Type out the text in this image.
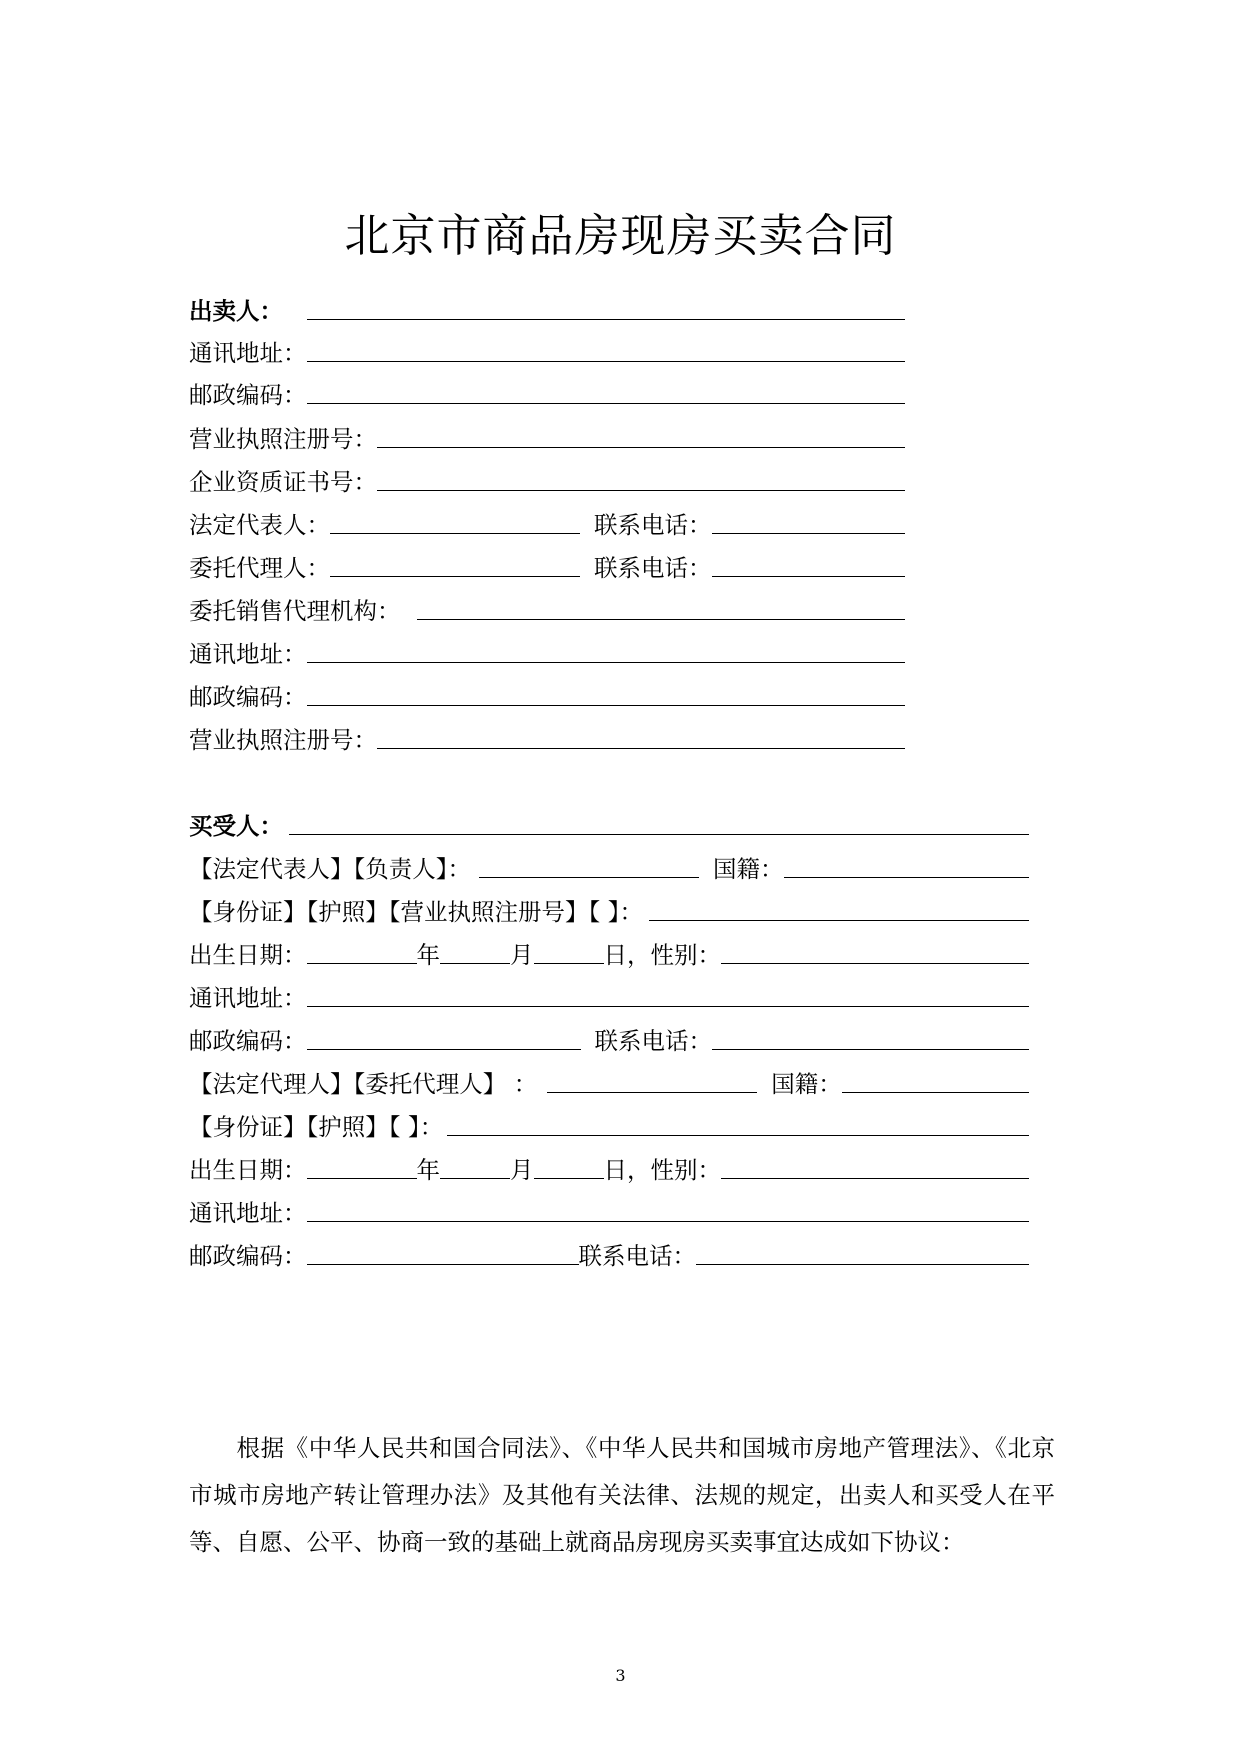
北京市商品房现房买卖合同
出卖人：
通讯地址：
邮政编码：
营业执照注册号：
企业资质证书号：
法定代表人：	联系电话：
委托代理人：	联系电话：
委托销售代理机构：
通讯地址：
邮政编码：
营业执照注册号：
买受人：
【法定代表人】【负责人】：	国籍：
【身份证】【护照】【营业执照注册号】【 】：
出生日期：	年	月	日，性别：
通讯地址：
邮政编码：	联系电话：
【法定代理人】【委托代理人】 ：	国籍：
【身份证】【护照】【 】：
出生日期：	年	月	日，性别：
通讯地址：
邮政编码：	联系电话：
根据《中华人民共和国合同法》、《中华人民共和国城市房地产管理法》、《北京市城市房地产转让管理办法》及其他有关法律、法规的规定，出卖人和买受人在平等、自愿、公平、协商一致的基础上就商品房现房买卖事宜达成如下协议：
3
